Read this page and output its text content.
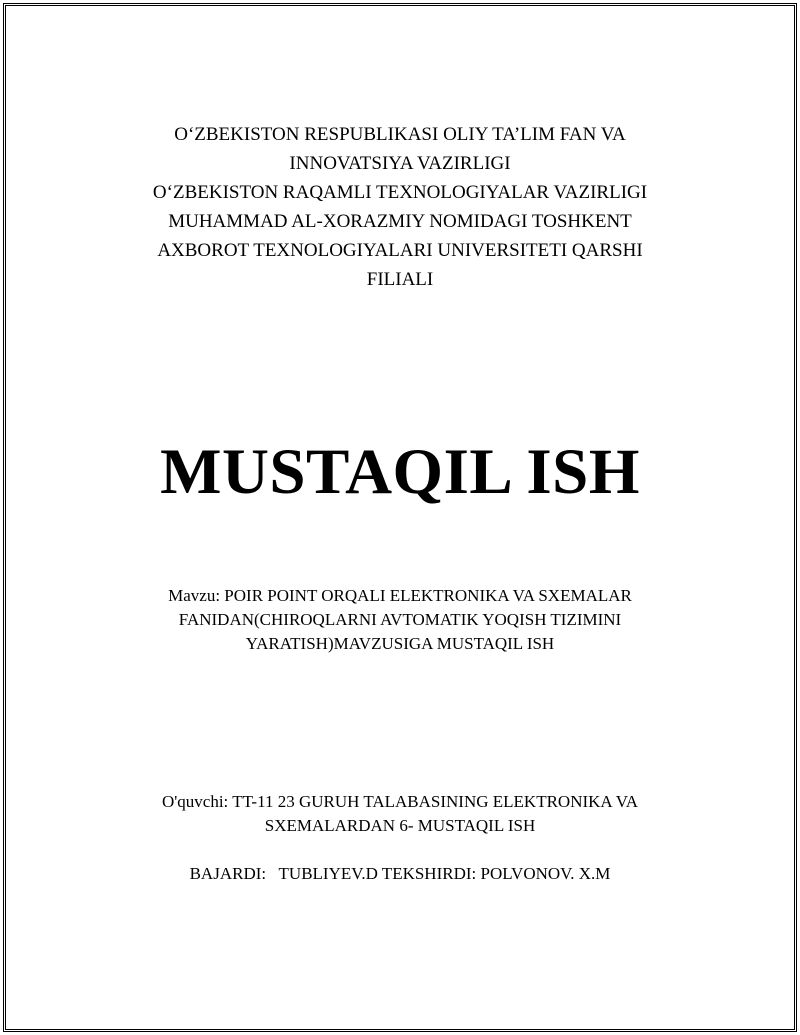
O‘ZBEKISTON RESPUBLIKASI OLIY TA’LIM FAN VA
INNOVATSIYA VAZIRLIGI
O‘ZBEKISTON RAQAMLI TEXNOLOGIYALAR VAZIRLIGI
MUHAMMAD AL-XORAZMIY NOMIDAGI TOSHKENT
AXBOROT TEXNOLOGIYALARI UNIVERSITETI QARSHI
FILIALI
MUSTAQIL ISH
Mavzu: POIR POINT ORQALI ELEKTRONIKA VA SXEMALAR
FANIDAN(CHIROQLARNI AVTOMATIK YOQISH TIZIMINI
YARATISH)MAVZUSIGA MUSTAQIL ISH
O'quvchi: TT-11 23 GURUH TALABASINING ELEKTRONIKA VA
SXEMALARDAN 6- MUSTAQIL ISH
BAJARDI:   TUBLIYEV.D TEKSHIRDI: POLVONOV. X.M
